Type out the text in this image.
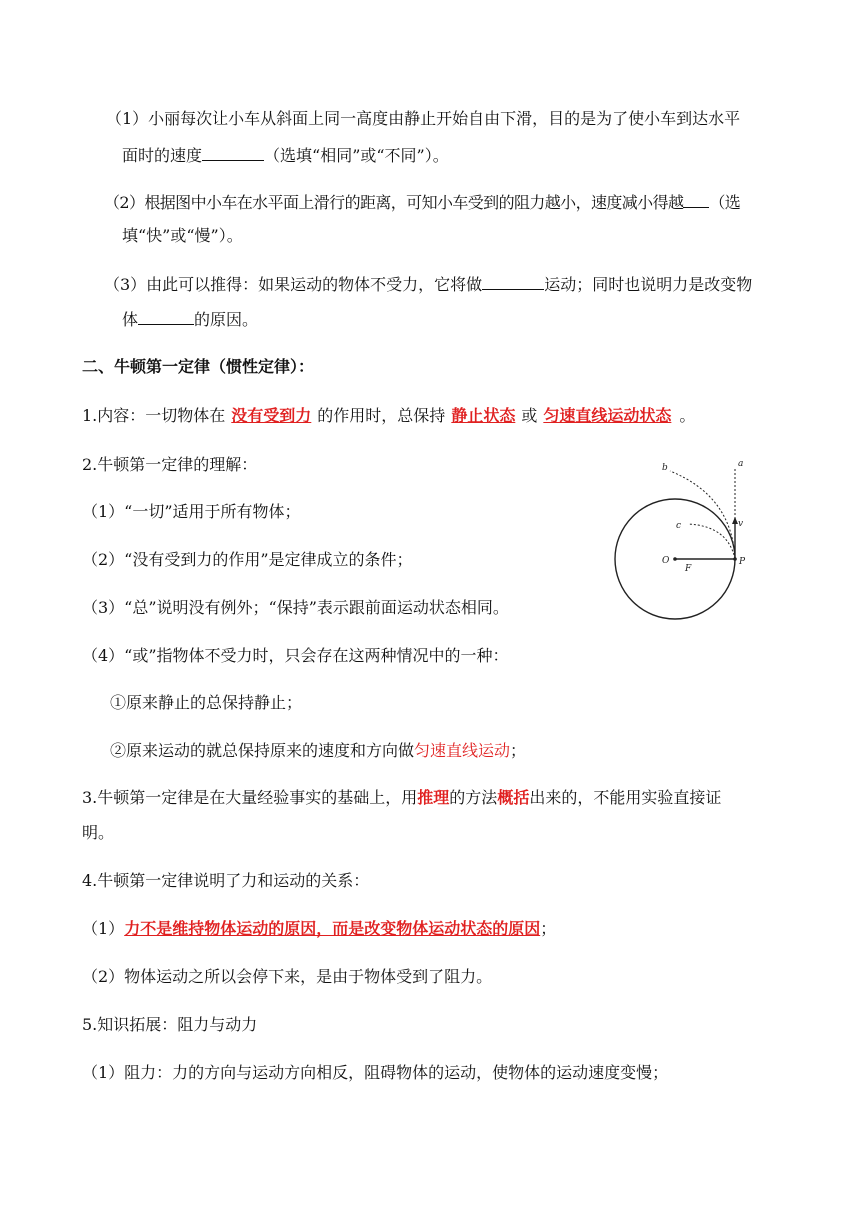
（1）小丽每次让小车从斜面上同一高度由静止开始自由下滑，目的是为了使小车到达水平
面时的速度	（选填“相同”或“不同”）。
（2）根据图中小车在水平面上滑行的距离，可知小车受到的阻力越小，速度减小得越 （选
填“快”或“慢”）。
（3）由此可以推得：如果运动的物体不受力，它将做	运动；同时也说明力是改变物
体	的原因。
二、牛顿第一定律（惯性定律）：
1.内容：一切物体在 没有受到力 的作用时，总保持 静止状态 或 匀速直线运动状态 。
2.牛顿第一定律的理解：
（1）“一切”适用于所有物体；
（2）“没有受到力的作用”是定律成立的条件；
（3）“总”说明没有例外；“保持”表示跟前面运动状态相同。
（4）“或”指物体不受力时，只会存在这两种情况中的一种：
①原来静止的总保持静止；
②原来运动的就总保持原来的速度和方向做匀速直线运动；
a
b
c	v
O
F
P
3.牛顿第一定律是在大量经验事实的基础上，用推理的方法概括出来的，不能用实验直接证
明。
4.牛顿第一定律说明了力和运动的关系：
（1）力不是维持物体运动的原因，而是改变物体运动状态的原因；
（2）物体运动之所以会停下来，是由于物体受到了阻力。
5.知识拓展：阻力与动力
（1）阻力：力的方向与运动方向相反，阻碍物体的运动，使物体的运动速度变慢；
